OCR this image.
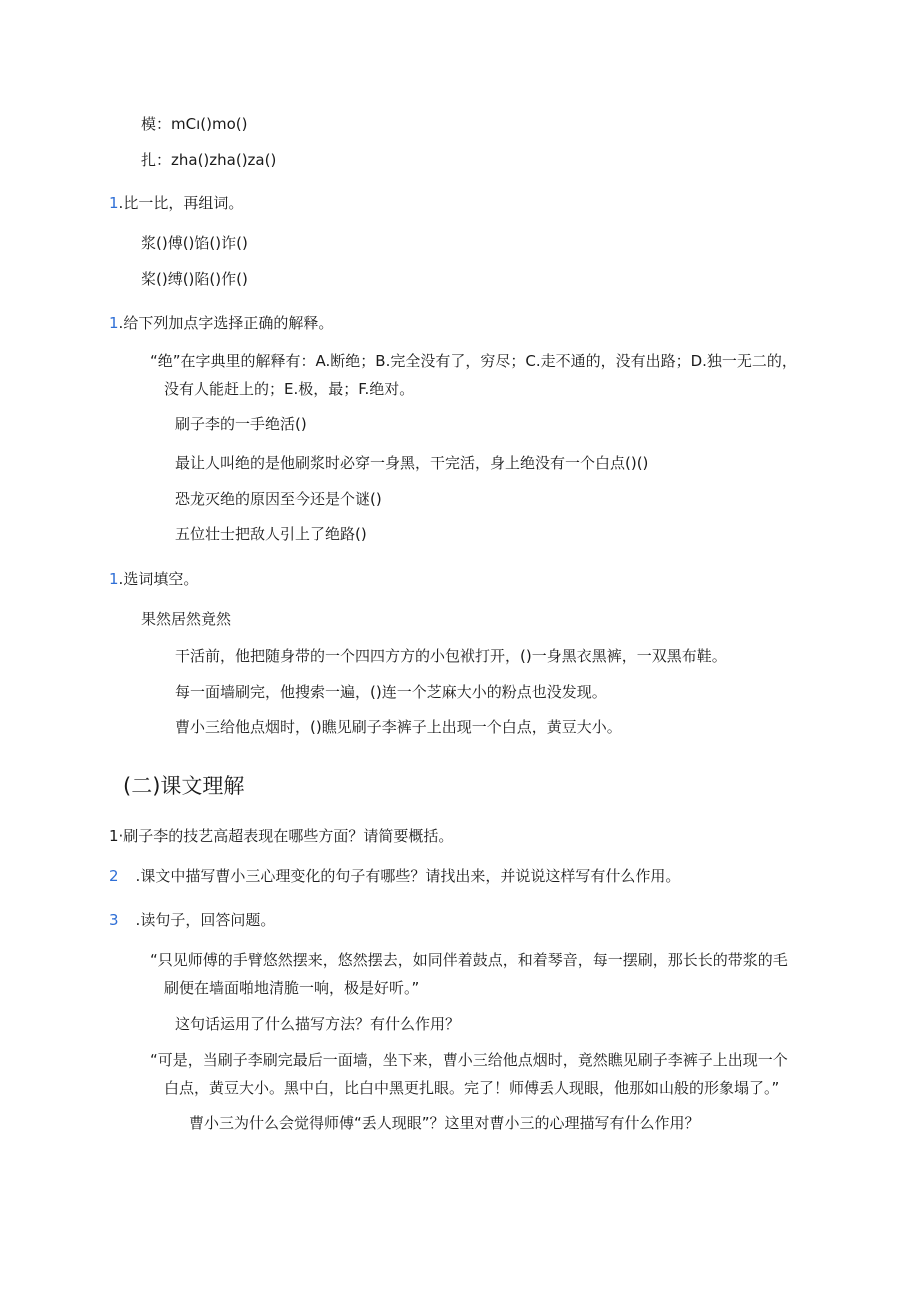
模：mCı()mo()
扎：zha()zha()za()
1.比一比，再组词。
浆()傅()馅()诈()
桨()缚()陷()作()
1.给下列加点字选择正确的解释。
“绝”在字典里的解释有：A.断绝；B.完全没有了，穷尽；C.走不通的，没有出路；D.独一无二的，
没有人能赶上的；E.极，最；F.绝对。
刷子李的一手绝活()
最让人叫绝的是他刷浆时必穿一身黑，干完活，身上绝没有一个白点()()
恐龙灭绝的原因至今还是个谜()
五位壮士把敌人引上了绝路()
1.选词填空。
果然居然竟然
干活前，他把随身带的一个四四方方的小包袱打开，()一身黑衣黑裤，一双黑布鞋。
每一面墙刷完，他搜索一遍，()连一个芝麻大小的粉点也没发现。
曹小三给他点烟时，()瞧见刷子李裤子上出现一个白点，黄豆大小。
(二)课文理解
1·刷子李的技艺高超表现在哪些方面？请简要概括。
2 .课文中描写曹小三心理变化的句子有哪些？请找出来，并说说这样写有什么作用。
3 .读句子，回答问题。
“只见师傅的手臂悠然摆来，悠然摆去，如同伴着鼓点，和着琴音，每一摆刷，那长长的带浆的毛
刷便在墙面啪地清脆一响，极是好听。”
这句话运用了什么描写方法？有什么作用？
“可是，当刷子李刷完最后一面墙，坐下来，曹小三给他点烟时，竟然瞧见刷子李裤子上出现一个
白点，黄豆大小。黑中白，比白中黑更扎眼。完了！师傅丢人现眼，他那如山般的形象塌了。”
曹小三为什么会觉得师傅“丢人现眼”？这里对曹小三的心理描写有什么作用？
